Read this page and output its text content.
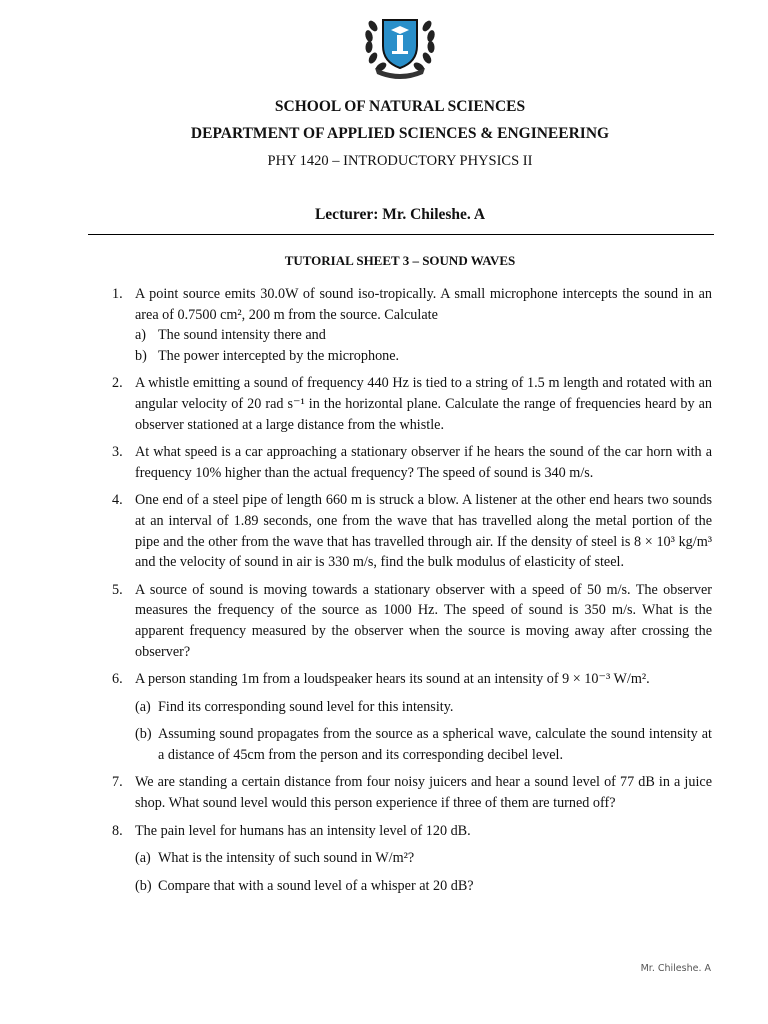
SCHOOL OF NATURAL SCIENCES
DEPARTMENT OF APPLIED SCIENCES & ENGINEERING
PHY 1420 – INTRODUCTORY PHYSICS II
Lecturer: Mr. Chileshe. A
TUTORIAL SHEET 3 – SOUND WAVES
1. A point source emits 30.0W of sound iso-tropically. A small microphone intercepts the sound in an area of 0.7500 cm², 200 m from the source. Calculate
a) The sound intensity there and
b) The power intercepted by the microphone.
2. A whistle emitting a sound of frequency 440 Hz is tied to a string of 1.5 m length and rotated with an angular velocity of 20 rad s⁻¹ in the horizontal plane. Calculate the range of frequencies heard by an observer stationed at a large distance from the whistle.
3. At what speed is a car approaching a stationary observer if he hears the sound of the car horn with a frequency 10% higher than the actual frequency? The speed of sound is 340 m/s.
4. One end of a steel pipe of length 660 m is struck a blow. A listener at the other end hears two sounds at an interval of 1.89 seconds, one from the wave that has travelled along the metal portion of the pipe and the other from the wave that has travelled through air. If the density of steel is 8 × 10³ kg/m³ and the velocity of sound in air is 330 m/s, find the bulk modulus of elasticity of steel.
5. A source of sound is moving towards a stationary observer with a speed of 50 m/s. The observer measures the frequency of the source as 1000 Hz. The speed of sound is 350 m/s. What is the apparent frequency measured by the observer when the source is moving away after crossing the observer?
6. A person standing 1m from a loudspeaker hears its sound at an intensity of 9 × 10⁻³ W/m².
(a) Find its corresponding sound level for this intensity.
(b) Assuming sound propagates from the source as a spherical wave, calculate the sound intensity at a distance of 45cm from the person and its corresponding decibel level.
7. We are standing a certain distance from four noisy juicers and hear a sound level of 77 dB in a juice shop. What sound level would this person experience if three of them are turned off?
8. The pain level for humans has an intensity level of 120 dB.
(a) What is the intensity of such sound in W/m²?
(b) Compare that with a sound level of a whisper at 20 dB?
Mr. Chileshe. A
